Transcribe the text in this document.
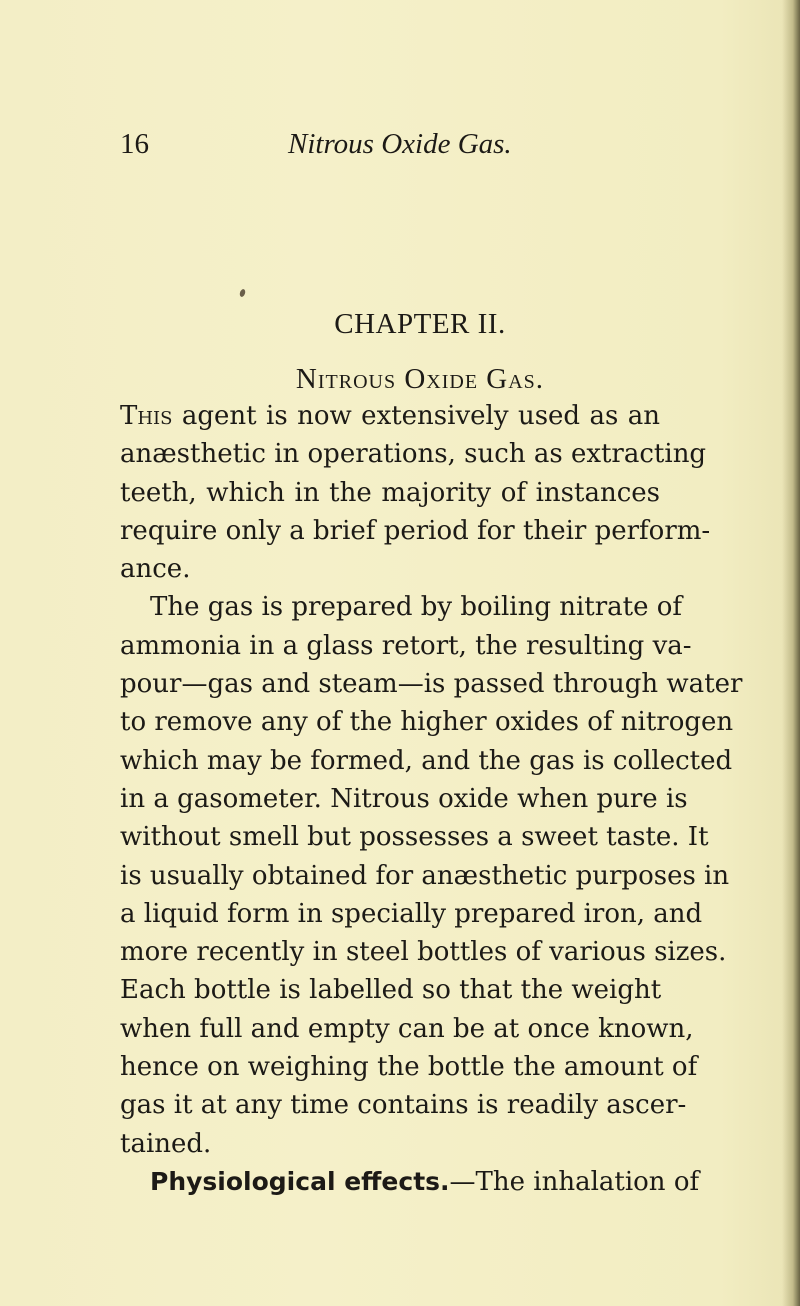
16	Nitrous Oxide Gas.
CHAPTER II.
Nitrous Oxide Gas.
This agent is now extensively used as an
anæsthetic in operations, such as extracting
teeth, which in the majority of instances
require only a brief period for their perform-
ance.
The gas is prepared by boiling nitrate of
ammonia in a glass retort, the resulting va-
pour—gas and steam—is passed through water
to remove any of the higher oxides of nitrogen
which may be formed, and the gas is collected
in a gasometer. Nitrous oxide when pure is
without smell but possesses a sweet taste. It
is usually obtained for anæsthetic purposes in
a liquid form in specially prepared iron, and
more recently in steel bottles of various sizes.
Each bottle is labelled so that the weight
when full and empty can be at once known,
hence on weighing the bottle the amount of
gas it at any time contains is readily ascer-
tained.
Physiological effects.—The inhalation of
